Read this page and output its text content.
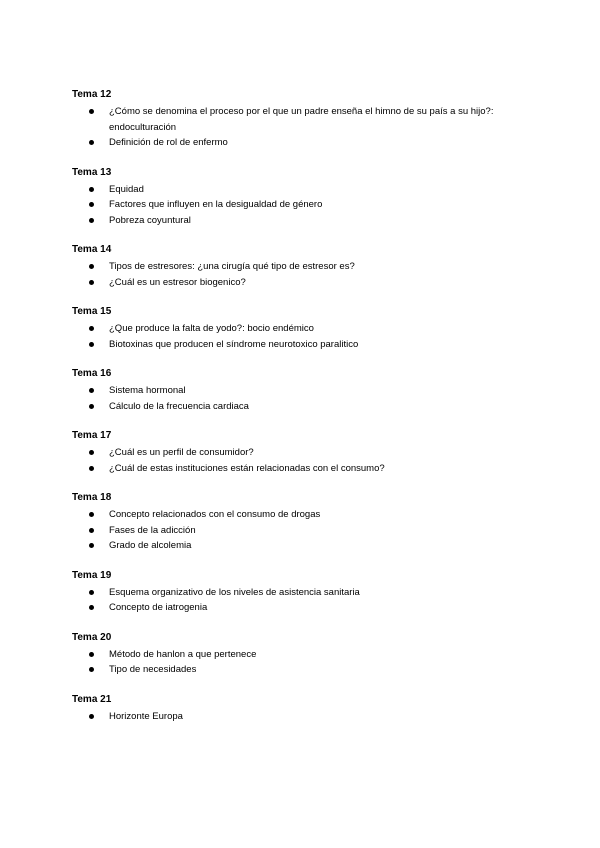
Tema 12
¿Cómo se denomina el proceso por el que un padre enseña el himno de su país a su hijo?: endoculturación
Definición de rol de enfermo
Tema 13
Equidad
Factores que influyen en la desigualdad de género
Pobreza coyuntural
Tema 14
Tipos de estresores: ¿una cirugía qué tipo de estresor es?
¿Cuál es un estresor biogenico?
Tema 15
¿Que produce la falta de yodo?: bocio endémico
Biotoxinas que producen el síndrome neurotoxico paralitico
Tema 16
Sistema hormonal
Cálculo de la frecuencia cardiaca
Tema 17
¿Cuál es un perfil de consumidor?
¿Cuál de estas instituciones están relacionadas con el consumo?
Tema 18
Concepto relacionados con el consumo de drogas
Fases de la adicción
Grado de alcolemia
Tema 19
Esquema organizativo de los niveles de asistencia sanitaria
Concepto de iatrogenia
Tema 20
Método de hanlon a que pertenece
Tipo de necesidades
Tema 21
Horizonte Europa
